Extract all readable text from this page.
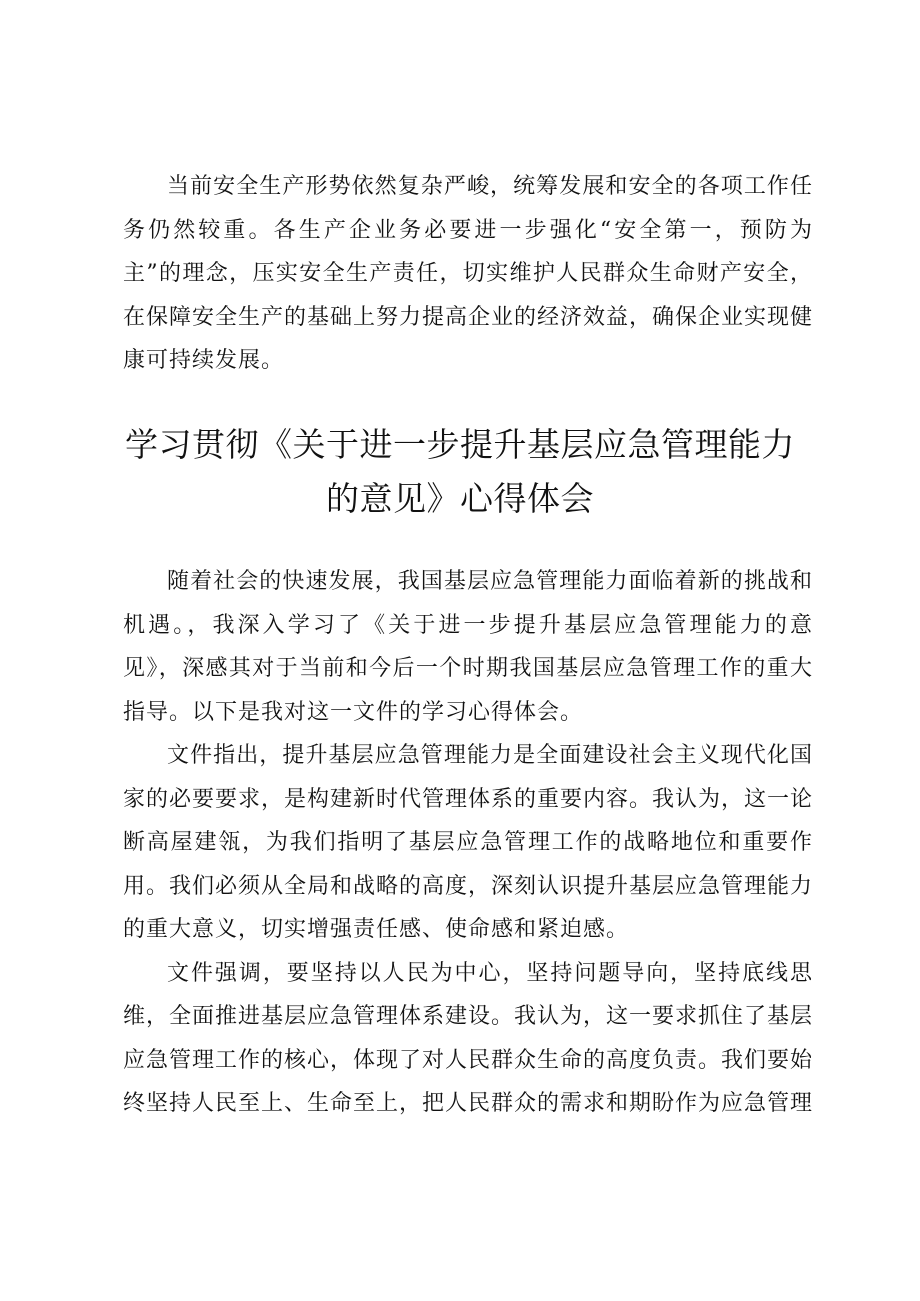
当前安全生产形势依然复杂严峻，统筹发展和安全的各项工作任务仍然较重。各生产企业务必要进一步强化“安全第一，预防为主”的理念，压实安全生产责任，切实维护人民群众生命财产安全，在保障安全生产的基础上努力提高企业的经济效益，确保企业实现健康可持续发展。

学习贯彻《关于进一步提升基层应急管理能力的意见》心得体会

随着社会的快速发展，我国基层应急管理能力面临着新的挑战和机遇。，我深入学习了《关于进一步提升基层应急管理能力的意见》，深感其对于当前和今后一个时期我国基层应急管理工作的重大指导。以下是我对这一文件的学习心得体会。

文件指出，提升基层应急管理能力是全面建设社会主义现代化国家的必要要求，是构建新时代管理体系的重要内容。我认为，这一论断高屋建瓴，为我们指明了基层应急管理工作的战略地位和重要作用。我们必须从全局和战略的高度，深刻认识提升基层应急管理能力的重大意义，切实增强责任感、使命感和紧迫感。

文件强调，要坚持以人民为中心，坚持问题导向，坚持底线思维，全面推进基层应急管理体系建设。我认为，这一要求抓住了基层应急管理工作的核心，体现了对人民群众生命的高度负责。我们要始终坚持人民至上、生命至上，把人民群众的需求和期盼作为应急管理
